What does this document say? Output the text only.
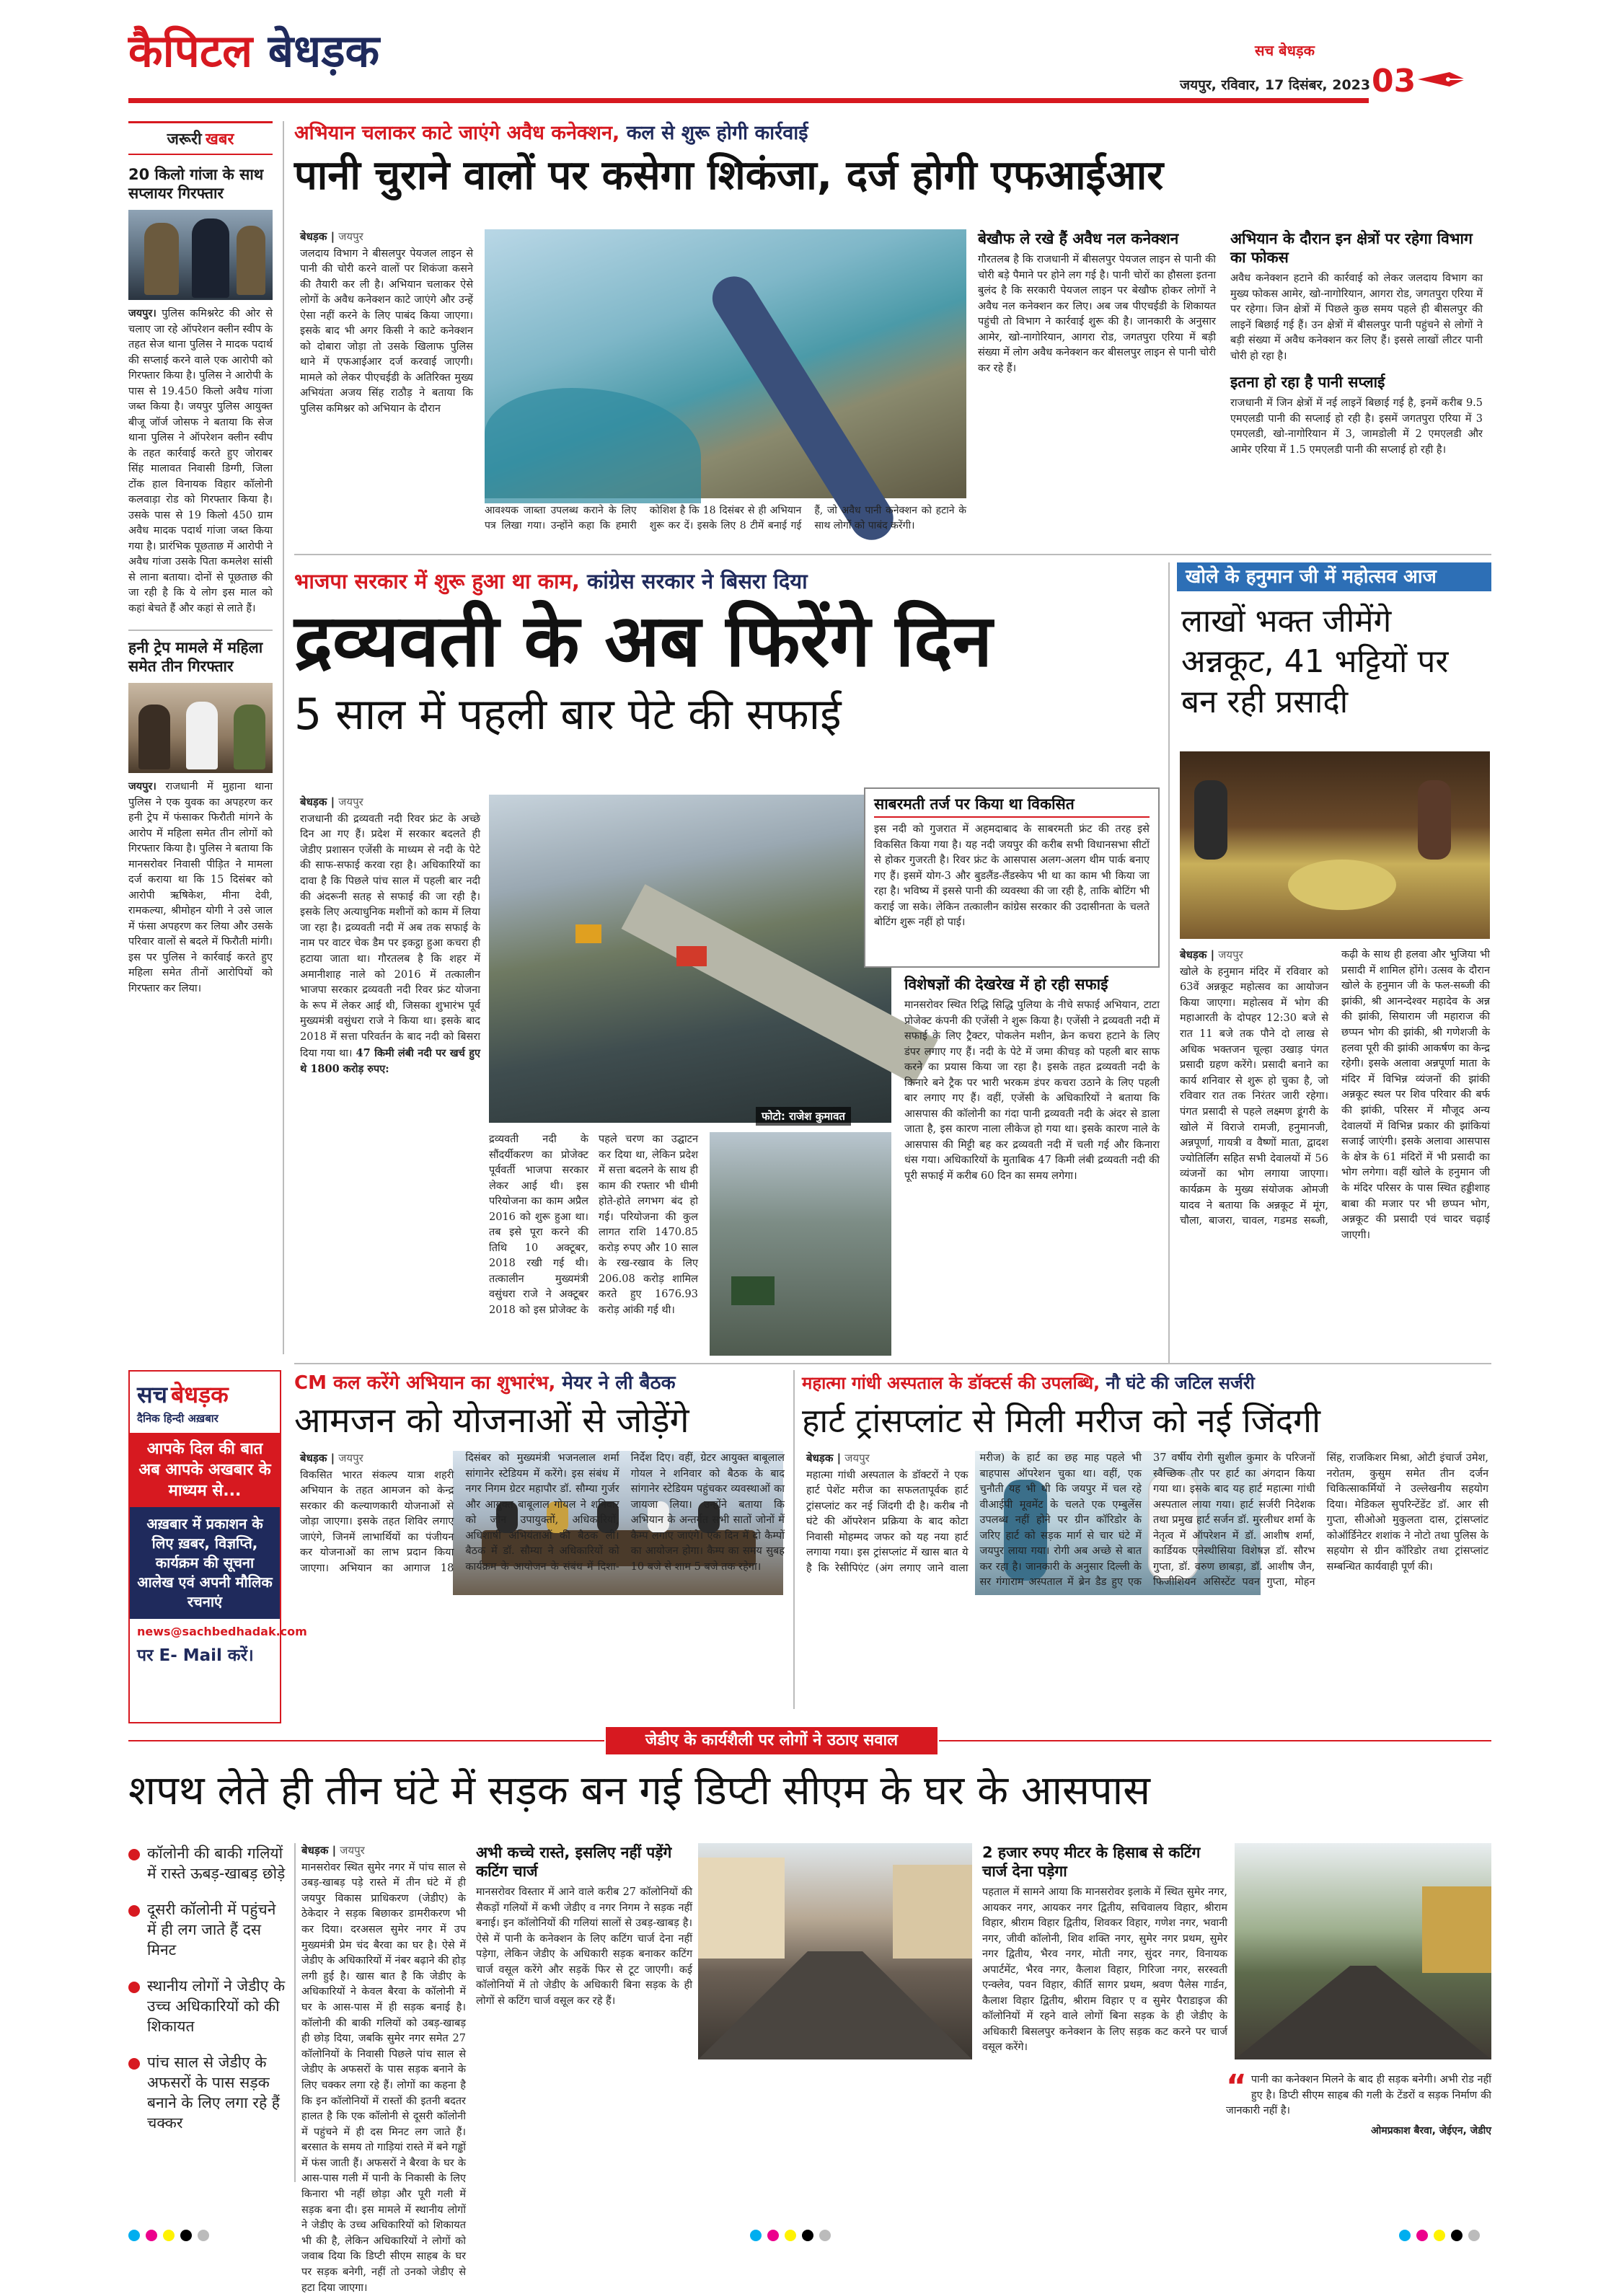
कैपिटल बेधड़क	सच बेधड़क
जयपुर, रविवार, 17 दिसंबर, 2023 03
जरूरी खबर
20 किलो गांजा के साथ सप्लायर गिरफ्तार
जयपुर। पुलिस कमिश्नरेट की ओर से चलाए जा रहे ऑपरेशन क्लीन स्वीप के तहत सेज थाना पुलिस ने मादक पदार्थ की सप्लाई करने वाले एक आरोपी को गिरफ्तार किया है। पुलिस ने आरोपी के पास से 19.450 किलो अवैध गांजा जब्त किया है। जयपुर पुलिस आयुक्त बीजू जॉर्ज जोसफ ने बताया कि सेज थाना पुलिस ने ऑपरेशन क्लीन स्वीप के तहत कार्रवाई करते हुए जोराबर सिंह मालावत निवासी डिग्गी, जिला टोंक हाल विनायक विहार कॉलोनी कलवाड़ा रोड को गिरफ्तार किया है। उसके पास से 19 किलो 450 ग्राम अवैध मादक पदार्थ गांजा जब्त किया गया है। प्रारंभिक पूछताछ में आरोपी ने अवैध गांजा उसके पिता कमलेश सांसी से लाना बताया। दोनों से पूछताछ की जा रही है कि ये लोग इस माल को कहां बेचते हैं और कहां से लाते हैं।
हनी ट्रेप मामले में महिला समेत तीन गिरफ्तार
जयपुर। राजधानी में मुहाना थाना पुलिस ने एक युवक का अपहरण कर हनी ट्रेप में फंसाकर फिरौती मांगने के आरोप में महिला समेत तीन लोगों को गिरफ्तार किया है। पुलिस ने बताया कि मानसरोवर निवासी पीड़ित ने मामला दर्ज कराया था कि 15 दिसंबर को आरोपी ऋषिकेश, मीना देवी, रामकल्या, श्रीमोहन योगी ने उसे जाल में फंसा अपहरण कर लिया और उसके परिवार वालों से बदले में फिरौती मांगी। इस पर पुलिस ने कार्रवाई करते हुए महिला समेत तीनों आरोपियों को गिरफ्तार कर लिया।
सच बेधड़क
दैनिक हिन्दी अख़बार
आपके दिल की बात अब आपके अखबार के माध्यम से...
अख़बार में प्रकाशन के लिए ख़बर, विज्ञप्ति, कार्यक्रम की सूचना आलेख एवं अपनी मौलिक रचनाएं
news@sachbedhadak.com
पर E- Mail करें।
अभियान चलाकर काटे जाएंगे अवैध कनेक्शन, कल से शुरू होगी कार्रवाई
पानी चुराने वालों पर कसेगा शिकंजा, दर्ज होगी एफआईआर
बेधड़क | जयपुर
जलदाय विभाग ने बीसलपुर पेयजल लाइन से पानी की चोरी करने वालों पर शिकंजा कसने की तैयारी कर ली है। अभियान चलाकर ऐसे लोगों के अवैध कनेक्शन काटे जाएंगे और उन्हें ऐसा नहीं करने के लिए पाबंद किया जाएगा। इसके बाद भी अगर किसी ने काटे कनेक्शन को दोबारा जोड़ा तो उसके खिलाफ पुलिस थाने में एफआईआर दर्ज करवाई जाएगी। मामले को लेकर पीएचईडी के अतिरिक्त मुख्य अभियंता अजय सिंह राठौड़ ने बताया कि पुलिस कमिश्नर को अभियान के दौरान
आवश्यक जाब्ता उपलब्ध कराने के लिए पत्र लिखा गया। उन्होंने कहा कि हमारी कोशिश है कि 18 दिसंबर से ही अभियान शुरू कर दें। इसके लिए 8 टीमें बनाई गई हैं, जो अवैध पानी कनेक्शन को हटाने के साथ लोगों को पाबंद करेंगी।
बेखौफ ले रखे हैं अवैध नल कनेक्शन
गौरतलब है कि राजधानी में बीसलपुर पेयजल लाइन से पानी की चोरी बड़े पैमाने पर होने लग गई है। पानी चोरों का हौसला इतना बुलंद है कि सरकारी पेयजल लाइन पर बेखौफ होकर लोगों ने अवैध नल कनेक्शन कर लिए। अब जब पीएचईडी के शिकायत पहुंची तो विभाग ने कार्रवाई शुरू की है। जानकारी के अनुसार आमेर, खो-नागोरियान, आगरा रोड, जगतपुरा एरिया में बड़ी संख्या में लोग अवैध कनेक्शन कर बीसलपुर लाइन से पानी चोरी कर रहे हैं।
अभियान के दौरान इन क्षेत्रों पर रहेगा विभाग का फोकस
अवैध कनेक्शन हटाने की कार्रवाई को लेकर जलदाय विभाग का मुख्य फोकस आमेर, खो-नागोरियान, आगरा रोड, जगतपुरा एरिया में पर रहेगा। जिन क्षेत्रों में पिछले कुछ समय पहले ही बीसलपुर की लाइनें बिछाई गई हैं। उन क्षेत्रों में बीसलपुर पानी पहुंचने से लोगों ने बड़ी संख्या में अवैध कनेक्शन कर लिए हैं। इससे लाखों लीटर पानी चोरी हो रहा है।
इतना हो रहा है पानी सप्लाई
राजधानी में जिन क्षेत्रों में नई लाइनें बिछाई गई है, इनमें करीब 9.5 एमएलडी पानी की सप्लाई हो रही है। इसमें जगतपुरा एरिया में 3 एमएलडी, खो-नागोरियान में 3, जामडोली में 2 एमएलडी और आमेर एरिया में 1.5 एमएलडी पानी की सप्लाई हो रही है।
भाजपा सरकार में शुरू हुआ था काम, कांग्रेस सरकार ने बिसरा दिया
द्रव्यवती के अब फिरेंगे दिन
5 साल में पहली बार पेटे की सफाई
बेधड़क | जयपुर
राजधानी की द्रव्यवती नदी रिवर फ्रंट के अच्छे दिन आ गए हैं। प्रदेश में सरकार बदलते ही जेडीए प्रशासन एजेंसी के माध्यम से नदी के पेटे की साफ-सफाई करवा रहा है। अधिकारियों का दावा है कि पिछले पांच साल में पहली बार नदी की अंदरूनी सतह से सफाई की जा रही है। इसके लिए अत्याधुनिक मशीनों को काम में लिया जा रहा है। द्रव्यवती नदी में अब तक सफाई के नाम पर वाटर चेक डैम पर इकट्ठा हुआ कचरा ही हटाया जाता था। गौरतलब है कि शहर में अमानीशाह नाले को 2016 में तत्कालीन भाजपा सरकार द्रव्यवती नदी रिवर फ्रंट योजना के रूप में लेकर आई थी, जिसका शुभारंभ पूर्व मुख्यमंत्री वसुंधरा राजे ने किया था। इसके बाद 2018 में सत्ता परिवर्तन के बाद नदी को बिसरा दिया गया था। 47 किमी लंबी नदी पर खर्च हुए थे 1800 करोड़ रुपए:
फोटो: राजेश कुमावत
द्रव्यवती नदी के सौंदर्यीकरण का प्रोजेक्ट पूर्ववर्ती भाजपा सरकार लेकर आई थी। इस परियोजना का काम अप्रैल 2016 को शुरू हुआ था। तब इसे पूरा करने की तिथि 10 अक्टूबर, 2018 रखी गई थी। तत्कालीन मुख्यमंत्री वसुंधरा राजे ने अक्टूबर 2018 को इस प्रोजेक्ट के पहले चरण का उद्घाटन कर दिया था, लेकिन प्रदेश में सत्ता बदलने के साथ ही काम की रफ्तार भी धीमी होते-होते लगभग बंद हो गई। परियोजना की कुल लागत राशि 1470.85 करोड़ रुपए और 10 साल के रख-रखाव के लिए 206.08 करोड़ शामिल करते हुए 1676.93 करोड़ आंकी गई थी।
साबरमती तर्ज पर किया था विकसित
इस नदी को गुजरात में अहमदाबाद के साबरमती फ्रंट की तरह इसे विकसित किया गया है। यह नदी जयपुर की करीब सभी विधानसभा सीटों से होकर गुजरती है। रिवर फ्रंट के आसपास अलग-अलग थीम पार्क बनाए गए हैं। इसमें योग-3 और बुडलैंड-लैंडस्केप भी था का काम भी किया जा रहा है। भविष्य में इससे पानी की व्यवस्था की जा रही है, ताकि बोटिंग भी कराई जा सके। लेकिन तत्कालीन कांग्रेस सरकार की उदासीनता के चलते बोटिंग शुरू नहीं हो पाई।
विशेषज्ञों की देखरेख में हो रही सफाई
मानसरोवर स्थित रिद्धि सिद्धि पुलिया के नीचे सफाई अभियान, टाटा प्रोजेक्ट कंपनी की एजेंसी ने शुरू किया है। एजेंसी ने द्रव्यवती नदी में सफाई के लिए ट्रैक्टर, पोकलेन मशीन, क्रेन कचरा हटाने के लिए डंपर लगाए गए हैं। नदी के पेटे में जमा कीचड़ को पहली बार साफ करने का प्रयास किया जा रहा है। इसके तहत द्रव्यवती नदी के किनारे बने ट्रैक पर भारी भरकम डंपर कचरा उठाने के लिए पहली बार लगाए गए हैं। वहीं, एजेंसी के अधिकारियों ने बताया कि आसपास की कॉलोनी का गंदा पानी द्रव्यवती नदी के अंदर से डाला जाता है, इस कारण नाला लीकेज हो गया था। इसके कारण नाले के आसपास की मिट्टी बह कर द्रव्यवती नदी में चली गई और किनारा धंस गया। अधिकारियों के मुताबिक 47 किमी लंबी द्रव्यवती नदी की पूरी सफाई में करीब 60 दिन का समय लगेगा।
खोले के हनुमान जी में महोत्सव आज
लाखों भक्त जीमेंगे अन्नकूट, 41 भट्टियों पर बन रही प्रसादी
बेधड़क | जयपुर
खोले के हनुमान मंदिर में रविवार को 63वें अन्नकूट महोत्सव का आयोजन किया जाएगा। महोत्सव में भोग की महाआरती के दोपहर 12:30 बजे से रात 11 बजे तक पौने दो लाख से अधिक भक्तजन चूल्हा उखाड़ पंगत प्रसादी ग्रहण करेंगे। प्रसादी बनाने का कार्य शनिवार से शुरू हो चुका है, जो रविवार रात तक निरंतर जारी रहेगा। पंगत प्रसादी से पहले लक्ष्मण डूंगरी के खोले में विराजे रामजी, हनुमानजी, अन्नपूर्णा, गायत्री व वैष्णों माता, द्वादश ज्योतिर्लिंग सहित सभी देवालयों में 56 व्यंजनों का भोग लगाया जाएगा। कार्यक्रम के मुख्य संयोजक ओमजी यादव ने बताया कि अन्नकूट में मूंग, चौला, बाजरा, चावल, गडमड सब्जी, कढ़ी के साथ ही हलवा और भुजिया भी प्रसादी में शामिल होंगे। उत्सव के दौरान खोले के हनुमान जी के फल-सब्जी की झांकी, श्री आनन्देश्वर महादेव के अन्न की झांकी, सियाराम जी महाराज की छप्पन भोग की झांकी, श्री गणेशजी के हलवा पूरी की झांकी आकर्षण का केन्द्र रहेगी। इसके अलावा अन्नपूर्णा माता के मंदिर में विभिन्न व्यंजनों की झांकी अन्नकूट स्थल पर शिव परिवार की बर्फ की झांकी, परिसर में मौजूद अन्य देवालयों में विभिन्न प्रकार की झांकियां सजाई जाएंगी। इसके अलावा आसपास के क्षेत्र के 61 मंदिरों में भी प्रसादी का भोग लगेगा। वहीं खोले के हनुमान जी के मंदिर परिसर के पास स्थित हड्डीशाह बाबा की मजार पर भी छप्पन भोग, अन्नकूट की प्रसादी एवं चादर चढ़ाई जाएगी।
CM कल करेंगे अभियान का शुभारंभ, मेयर ने ली बैठक
आमजन को योजनाओं से जोड़ेंगे
बेधड़क | जयपुर
विकसित भारत संकल्प यात्रा शहरी अभियान के तहत आमजन को केन्द्र सरकार की कल्याणकारी योजनाओं से जोड़ा जाएगा। इसके तहत शिविर लगाए जाएंगे, जिनमें लाभार्थियों का पंजीयन कर योजनाओं का लाभ प्रदान किया जाएगा। अभियान का आगाज 18 दिसंबर को मुख्यमंत्री भजनलाल शर्मा सांगानेर स्टेडियम में करेंगे। इस संबंध में नगर निगम ग्रेटर महापौर डॉ. सौम्या गुर्जर और आयुक्त बाबूलाल गोयल ने शनिवार को जोन उपायुक्तों, अधिकारियों, अधिशाषी अभियंताओं की बैठक ली। बैठक में डॉ. सौम्या ने अधिकारियों को कार्यक्रम के आयोजन के संबंध में दिशा-निर्देश दिए। वहीं, ग्रेटर आयुक्त बाबूलाल गोयल ने शनिवार को बैठक के बाद सांगानेर स्टेडियम पहुंचकर व्यवस्थाओं का जायजा लिया। उन्होंने बताया कि अभियान के अन्तर्गत सभी सातों जोनों में कैम्प लगाए जाएंगे। एक दिन में दो कैम्पों का आयोजन होगा। कैम्प का समय सुबह 10 बजे से शाम 5 बजे तक रहेगा।
महात्मा गांधी अस्पताल के डॉक्टर्स की उपलब्धि, नौ घंटे की जटिल सर्जरी
हार्ट ट्रांसप्लांट से मिली मरीज को नई जिंदगी
बेधड़क | जयपुर
महात्मा गांधी अस्पताल के डॉक्टरों ने एक हार्ट पेशेंट मरीज का सफलतापूर्वक हार्ट ट्रांसप्लांट कर नई जिंदगी दी है। करीब नौ घंटे की ऑपरेशन प्रक्रिया के बाद कोटा निवासी मोहम्मद जफर को यह नया हार्ट लगाया गया। इस ट्रांसप्लांट में खास बात ये है कि रेसीपिएंट (अंग लगाए जाने वाला मरीज) के हार्ट का छह माह पहले भी बाहपास ऑपरेशन चुका था। वहीं, एक चुनौती यह भी थी कि जयपुर में चल रहे वीआईपी मूवमेंट के चलते एक एम्बुलेंस उपलब्ध नहीं होने पर ग्रीन कॉरिडोर के जरिए हार्ट को सड़क मार्ग से चार घंटे में जयपुर लाया गया। रोगी अब अच्छे से बात कर रहा है। जानकारी के अनुसार दिल्ली के सर गंगाराम अस्पताल में ब्रेन डैड हुए एक 37 वर्षीय रोगी सुशील कुमार के परिजनों स्वैच्छिक तौर पर हार्ट का अंगदान किया गया था। इसके बाद यह हार्ट महात्मा गांधी अस्पताल लाया गया। हार्ट सर्जरी निदेशक तथा प्रमुख हार्ट सर्जन डॉ. मुरलीधर शर्मा के नेतृत्व में ऑपरेशन में डॉ. आशीष शर्मा, कार्डियक एनेस्थीसिया विशेषज्ञ डॉ. सौरभ गुप्ता, डॉ. वरुण छाबड़ा, डॉ. आशीष जैन, फिजीशियन असिस्टेंट पवन गुप्ता, मोहन सिंह, राजकिशर मिश्रा, ओटी इंचार्ज उमेश, नरोतम, कुसुम समेत तीन दर्जन चिकित्साकर्मियों ने उल्लेखनीय सहयोग दिया। मेडिकल सुपरिन्टेंडेंट डॉ. आर सी गुप्ता, सीओओ मुकुलता दास, ट्रांसप्लांट कोऑर्डिनेटर शशांक ने नोटो तथा पुलिस के सहयोग से ग्रीन कॉरिडोर तथा ट्रांसप्लांट सम्बन्धित कार्यवाही पूर्ण की।
जेडीए के कार्यशैली पर लोगों ने उठाए सवाल
शपथ लेते ही तीन घंटे में सड़क बन गई डिप्टी सीएम के घर के आसपास
कॉलोनी की बाकी गलियों में रास्ते ऊबड़-खाबड़ छोड़े
दूसरी कॉलोनी में पहुंचने में ही लग जाते हैं दस मिनट
स्थानीय लोगों ने जेडीए के उच्च अधिकारियों को की शिकायत
पांच साल से जेडीए के अफसरों के पास सड़क बनाने के लिए लगा रहे हैं चक्कर
बेधड़क | जयपुर
मानसरोवर स्थित सुमेर नगर में पांच साल से उबड़-खाबड़ पड़े रास्ते में तीन घंटे में ही जयपुर विकास प्राधिकरण (जेडीए) के ठेकेदार ने सड़क बिछाकर डामरीकरण भी कर दिया। दरअसल सुमेर नगर में उप मुख्यमंत्री प्रेम चंद बैरवा का घर है। ऐसे में जेडीए के अधिकारियों में नंबर बढ़ाने की होड़ लगी हुई है। खास बात है कि जेडीए के अधिकारियों ने केवल बैरवा के कॉलोनी में घर के आस-पास में ही सड़क बनाई है। कॉलोनी की बाकी गलियों को उबड़-खाबड़ ही छोड़ दिया, जबकि सुमेर नगर समेत 27 कॉलोनियों के निवासी पिछले पांच साल से जेडीए के अफसरों के पास सड़क बनाने के लिए चक्कर लगा रहे हैं। लोगों का कहना है कि इन कॉलोनियों में रास्तों की इतनी बदतर हालत है कि एक कॉलोनी से दूसरी कॉलोनी में पहुंचने में ही दस मिनट लग जाते हैं। बरसात के समय तो गाड़ियां रास्ते में बने गड्ढों में फंस जाती हैं। अफसरों ने बैरवा के घर के आस-पास गली में पानी के निकासी के लिए किनारा भी नहीं छोड़ा और पूरी गली में सड़क बना दी। इस मामले में स्थानीय लोगों ने जेडीए के उच्च अधिकारियों को शिकायत भी की है, लेकिन अधिकारियों ने लोगों को जवाब दिया कि डिप्टी सीएम साहब के घर पर सड़क बनेगी, नहीं तो उनको जेडीए से हटा दिया जाएगा।
अभी कच्चे रास्ते, इसलिए नहीं पड़ेंगे कटिंग चार्ज
मानसरोवर विस्तार में आने वाले करीब 27 कॉलोनियों की सैकड़ों गलियों में कभी जेडीए व नगर निगम ने सड़क नहीं बनाई। इन कॉलोनियों की गलियां सालों से उबड़-खाबड़ है। ऐसे में पानी के कनेक्शन के लिए कटिंग चार्ज देना नहीं पड़ेगा, लेकिन जेडीए के अधिकारी सड़क बनाकर कटिंग चार्ज वसूल करेंगे और सड़कें फिर से टूट जाएगी। कई कॉलोनियों में तो जेडीए के अधिकारी बिना सड़क के ही लोगों से कटिंग चार्ज वसूल कर रहे हैं।
2 हजार रुपए मीटर के हिसाब से कटिंग चार्ज देना पड़ेगा
पहताल में सामने आया कि मानसरोवर इलाके में स्थित सुमेर नगर, आयकर नगर, आयकर नगर द्वितीय, सचिवालय विहार, श्रीराम विहार, श्रीराम विहार द्वितीय, शिवकर विहार, गणेश नगर, भवानी नगर, जीवी कॉलोनी, शिव शक्ति नगर, सुमेर नगर प्रथम, सुमेर नगर द्वितीय, भैरव नगर, मोती नगर, सुंदर नगर, विनायक अपार्टमेंट, भैरव नगर, कैलाश विहार, गिरिजा नगर, सरस्वती एन्क्लेव, पवन विहार, कीर्ति सागर प्रथम, श्रवण पैलेस गार्डन, कैलाश विहार द्वितीय, श्रीराम विहार ए व सुमेर पैराडाइज की कॉलोनियों में रहने वाले लोगों बिना सड़क के ही जेडीए के अधिकारी बिसलपुर कनेक्शन के लिए सड़क कट करने पर चार्ज वसूल करेंगे।
“ पानी का कनेक्शन मिलने के बाद ही सड़क बनेगी। अभी रोड नहीं हुए है। डिप्टी सीएम साहब की गली के टेंडरों व सड़क निर्माण की जानकारी नहीं है।
ओमप्रकाश बैरवा, जेईएन, जेडीए
